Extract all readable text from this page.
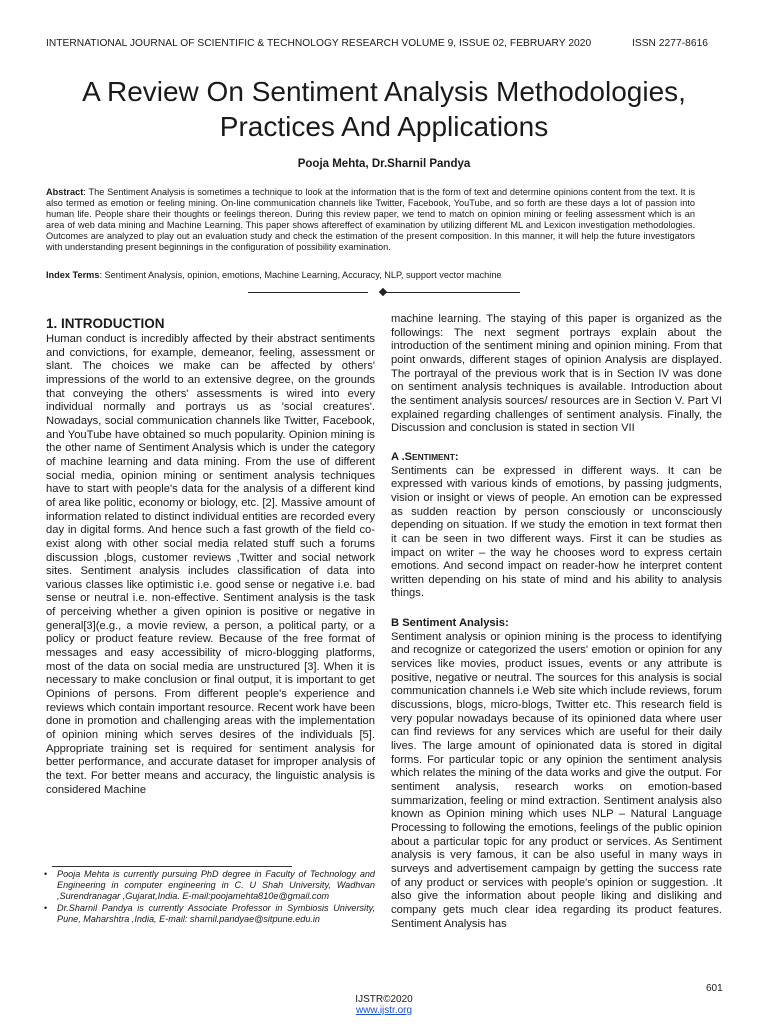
INTERNATIONAL JOURNAL OF SCIENTIFIC & TECHNOLOGY RESEARCH VOLUME 9, ISSUE 02, FEBRUARY 2020	ISSN 2277-8616
A Review On Sentiment Analysis Methodologies,
Practices And Applications
Pooja Mehta, Dr.Sharnil Pandya
Abstract: The Sentiment Analysis is sometimes a technique to look at the information that is the form of text and determine opinions content from the text. It is also termed as emotion or feeling mining. On-line communication channels like Twitter, Facebook, YouTube, and so forth are these days a lot of passion into human life. People share their thoughts or feelings thereon. During this review paper, we tend to match on opinion mining or feeling assessment which is an area of web data mining and Machine Learning. This paper shows aftereffect of examination by utilizing different ML and Lexicon investigation methodologies. Outcomes are analyzed to play out an evaluation study and check the estimation of the present composition. In this manner, it will help the future investigators with understanding present beginnings in the configuration of possibility examination.
Index Terms: Sentiment Analysis, opinion, emotions, Machine Learning, Accuracy, NLP, support vector machine
1. INTRODUCTION

Human conduct is incredibly affected by their abstract sentiments and convictions, for example, demeanor, feeling, assessment or slant. The choices we make can be affected by others' impressions of the world to an extensive degree, on the grounds that conveying the others' assessments is wired into every individual normally and portrays us as 'social creatures'. Nowadays, social communication channels like Twitter, Facebook, and YouTube have obtained so much popularity. Opinion mining is the other name of Sentiment Analysis which is under the category of machine learning and data mining. From the use of different social media, opinion mining or sentiment analysis techniques have to start with people's data for the analysis of a different kind of area like politic, economy or biology, etc. [2]. Massive amount of information related to distinct individual entities are recorded every day in digital forms. And hence such a fast growth of the field co-exist along with other social media related stuff such a forums discussion ,blogs, customer reviews ,Twitter and social network sites. Sentiment analysis includes classification of data into various classes like optimistic i.e. good sense or negative i.e. bad sense or neutral i.e. non-effective. Sentiment analysis is the task of perceiving whether a given opinion is positive or negative in general[3](e.g., a movie review, a person, a political party, or a policy or product feature review. Because of the free format of messages and easy accessibility of micro-blogging platforms, most of the data on social media are unstructured [3]. When it is necessary to make conclusion or final output, it is important to get Opinions of persons. From different people's experience and reviews which contain important resource. Recent work have been done in promotion and challenging areas with the implementation of opinion mining which serves desires of the individuals [5]. Appropriate training set is required for sentiment analysis for better performance, and accurate dataset for improper analysis of the text. For better means and accuracy, the linguistic analysis is considered Machine

machine learning. The staying of this paper is organized as the followings: The next segment portrays explain about the introduction of the sentiment mining and opinion mining. From that point onwards, different stages of opinion Analysis are displayed. The portrayal of the previous work that is in Section IV was done on sentiment analysis techniques is available. Introduction about the sentiment analysis sources/ resources are in Section V. Part VI explained regarding challenges of sentiment analysis. Finally, the Discussion and conclusion is stated in section VII

A .SENTIMENT:

Sentiments can be expressed in different ways. It can be expressed with various kinds of emotions, by passing judgments, vision or insight or views of people. An emotion can be expressed as sudden reaction by person consciously or unconsciously depending on situation. If we study the emotion in text format then it can be seen in two different ways. First it can be studies as impact on writer – the way he chooses word to express certain emotions. And second impact on reader-how he interpret content written depending on his state of mind and his ability to analysis things.

B Sentiment Analysis:

Sentiment analysis or opinion mining is the process to identifying and recognize or categorized the users' emotion or opinion for any services like movies, product issues, events or any attribute is positive, negative or neutral. The sources for this analysis is social communication channels i.e Web site which include reviews, forum discussions, blogs, micro-blogs, Twitter etc. This research field is very popular nowadays because of its opinioned data where user can find reviews for any services which are useful for their daily lives. The large amount of opinionated data is stored in digital forms. For particular topic or any opinion the sentiment analysis which relates the mining of the data works and give the output. For sentiment analysis, research works on emotion-based summarization, feeling or mind extraction. Sentiment analysis also known as Opinion mining which uses NLP – Natural Language Processing to following the emotions, feelings of the public opinion about a particular topic for any product or services. As Sentiment analysis is very famous, it can be also useful in many ways in surveys and advertisement campaign by getting the success rate of any product or services with people's opinion or suggestion. .It also give the information about people liking and disliking and company gets much clear idea regarding its product features. Sentiment Analysis has

• Pooja Mehta is currently pursuing PhD degree in Faculty of Technology and Engineering in computer engineering in C. U Shah University, Wadhvan ,Surendranagar ,Gujarat,India. E-mail:poojamehta810e@gmail.com
• Dr.Sharnil Pandya is currently Associate Professor in Symbiosis University, Pune, Maharshtra ,India, E-mail: sharnil.pandyae@sitpune.edu.in
601
IJSTR©2020
www.ijstr.org
